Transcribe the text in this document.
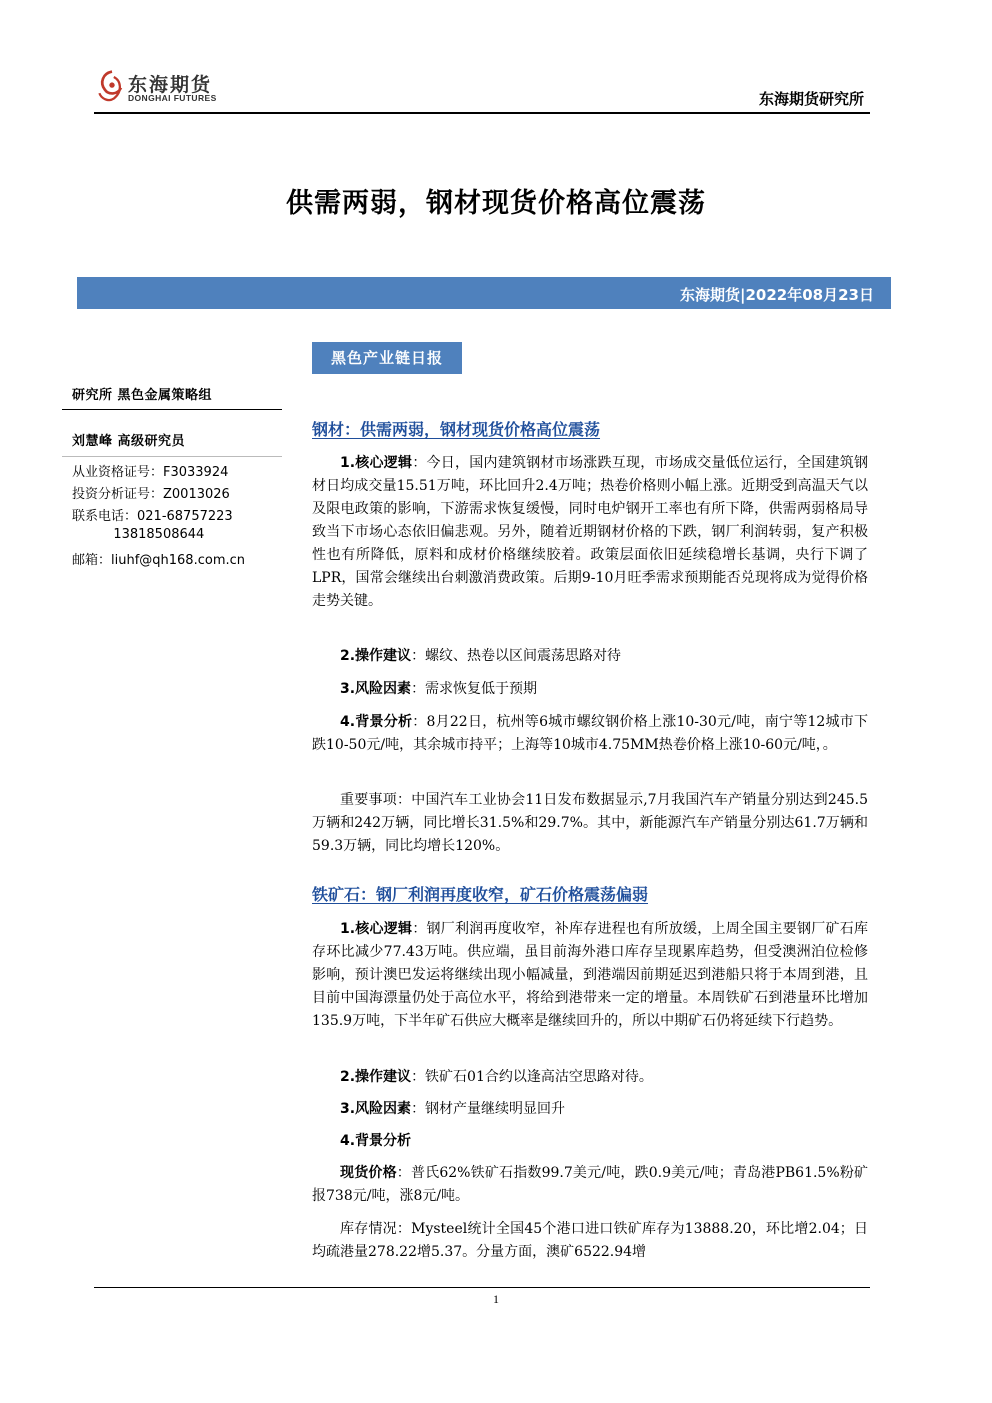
东海期货
DONGHAI FUTURES	东海期货研究所
供需两弱，钢材现货价格高位震荡
东海期货|2022年08月23日
研究所 黑色金属策略组
刘慧峰 高级研究员
从业资格证号：F3033924
投资分析证号：Z0013026
联系电话：021-68757223
13818508644
邮箱：liuhf@qh168.com.cn
黑色产业链日报
钢材：供需两弱，钢材现货价格高位震荡

1.核心逻辑：今日，国内建筑钢材市场涨跌互现，市场成交量低位运行，全国建筑钢材日均成交量15.51万吨，环比回升2.4万吨；热卷价格则小幅上涨。近期受到高温天气以及限电政策的影响，下游需求恢复缓慢，同时电炉钢开工率也有所下降，供需两弱格局导致当下市场心态依旧偏悲观。另外，随着近期钢材价格的下跌，钢厂利润转弱，复产积极性也有所降低，原料和成材价格继续胶着。政策层面依旧延续稳增长基调，央行下调了LPR，国常会继续出台刺激消费政策。后期9-10月旺季需求预期能否兑现将成为觉得价格走势关键。

2.操作建议：螺纹、热卷以区间震荡思路对待

3.风险因素：需求恢复低于预期

4.背景分析：8月22日，杭州等6城市螺纹钢价格上涨10-30元/吨，南宁等12城市下跌10-50元/吨，其余城市持平；上海等10城市4.75MM热卷价格上涨10-60元/吨，。

重要事项：中国汽车工业协会11日发布数据显示,7月我国汽车产销量分别达到245.5万辆和242万辆，同比增长31.5%和29.7%。其中，新能源汽车产销量分别达61.7万辆和59.3万辆，同比均增长120%。

铁矿石：钢厂利润再度收窄，矿石价格震荡偏弱

1.核心逻辑：钢厂利润再度收窄，补库存进程也有所放缓，上周全国主要钢厂矿石库存环比减少77.43万吨。供应端，虽目前海外港口库存呈现累库趋势，但受澳洲泊位检修影响，预计澳巴发运将继续出现小幅减量，到港端因前期延迟到港船只将于本周到港，且目前中国海漂量仍处于高位水平，将给到港带来一定的增量。本周铁矿石到港量环比增加135.9万吨，下半年矿石供应大概率是继续回升的，所以中期矿石仍将延续下行趋势。

2.操作建议：铁矿石01合约以逢高沽空思路对待。

3.风险因素：钢材产量继续明显回升

4.背景分析

现货价格：普氏62%铁矿石指数99.7美元/吨，跌0.9美元/吨；青岛港PB61.5%粉矿报738元/吨，涨8元/吨。

库存情况：Mysteel统计全国45个港口进口铁矿库存为13888.20，环比增2.04；日均疏港量278.22增5.37。分量方面，澳矿6522.94增

1
